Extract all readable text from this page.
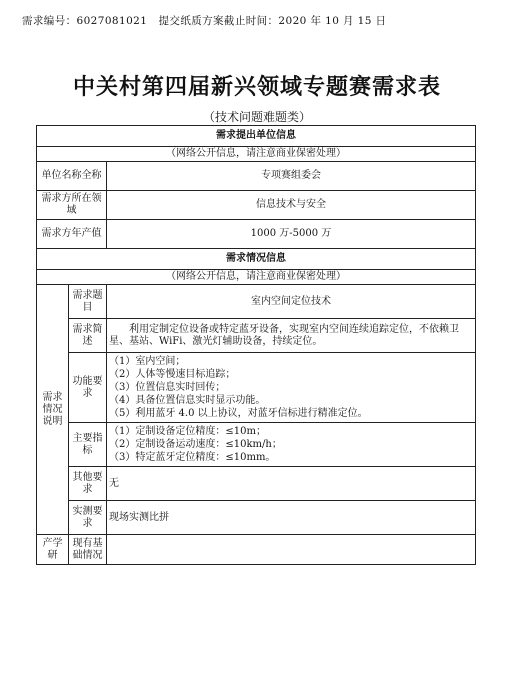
需求编号：6027081021 提交纸质方案截止时间：2020 年 10 月 15 日
中关村第四届新兴领域专题赛需求表
（技术问题难题类）
需求提出单位信息		
（网络公开信息，请注意商业保密处理）		
单位名称全称		专项赛组委会
需求方所在领域		信息技术与安全
需求方年产值		1000 万-5000 万
需求情况信息		
（网络公开信息，请注意商业保密处理）		
需求情况说明	需求题目	室内空间定位技术
	需求简述	利用定制定位设备或特定蓝牙设备，实现室内空间连续追踪定位，不依赖卫星、基站、WiFi、激光灯辅助设备，持续定位。
	功能要求	（1）室内空间；
（2）人体等慢速目标追踪；
（3）位置信息实时回传；
（4）具备位置信息实时显示功能。
（5）利用蓝牙 4.0 以上协议，对蓝牙信标进行精准定位。

	主要指标	（1）定制设备定位精度：≤10m；
（2）定制设备运动速度：≤10km/h；
（3）特定蓝牙定位精度：≤10mm。

	其他要求	无
	实测要求	现场实测比拼
产学研	现有基础情况	
